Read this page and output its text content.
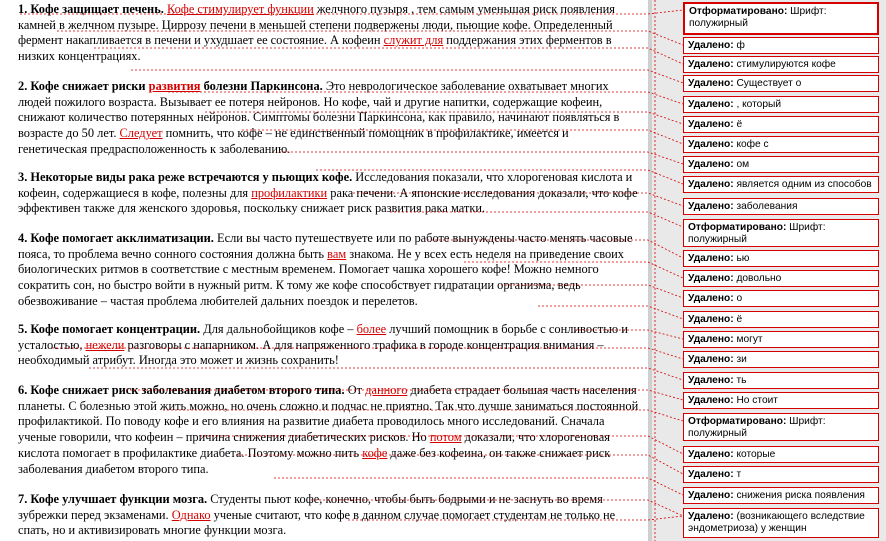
1. Кофе защищает печень. Кофе стимулирует функции желчного пузыря , тем самым уменьшая риск появления камней в желчном пузыре. Циррозу печени в меньшей степени подвержены люди, пьющие кофе. Определенный фермент накапливается в печени и ухудшает ее состояние. А кофеин служит для поддержания этих ферментов в низких концентрациях.
2. Кофе снижает риски развития болезни Паркинсона. Это неврологическое заболевание охватывает многих людей пожилого возраста. Вызывает ее потеря нейронов. Но кофе, чай и другие напитки, содержащие кофеин, снижают количество потерянных нейронов. Симптомы болезни Паркинсона, как правило, начинают появляться в возрасте до 50 лет. Следует помнить, что кофе – не единственный помощник в профилактике, имеется и генетическая предрасположенность к заболеванию.
3. Некоторые виды рака реже встречаются у пьющих кофе. Исследования показали, что хлорогеновая кислота и кофеин, содержащиеся в кофе, полезны для профилактики рака печени. А японские исследования доказали, что кофе эффективен также для женского здоровья, поскольку снижает риск развития рака матки.
4. Кофе помогает акклиматизации. Если вы часто путешествуете или по работе вынуждены часто менять часовые пояса, то проблема вечно сонного состояния должна быть вам знакома. Не у всех есть неделя на приведение своих биологических ритмов в соответствие с местным временем. Помогает чашка хорошего кофе! Можно немного сократить сон, но быстро войти в нужный ритм. К тому же кофе способствует гидратации организма, ведь обезвоживание – частая проблема любителей дальних поездок и перелетов.
5. Кофе помогает концентрации. Для дальнобойщиков кофе – более лучший помощник в борьбе с сонливостью и усталостью, нежели разговоры с напарником. А для напряженного трафика в городе концентрация внимания – необходимый атрибут. Иногда это может и жизнь сохранить!
6. Кофе снижает риск заболевания диабетом второго типа. От данного диабета страдает большая часть населения планеты. С болезнью этой жить можно, но очень сложно и подчас не приятно. Так что лучше заниматься постоянной профилактикой. По поводу кофе и его влияния на развитие диабета проводилось много исследований. Сначала ученые говорили, что кофеин – причина снижения диабетических рисков. Но потом доказали, что хлорогеновая кислота помогает в профилактике диабета. Поэтому можно пить кофе даже без кофеина, он также снижает риск заболевания диабетом второго типа.
7. Кофе улучшает функции мозга. Студенты пьют кофе, конечно, чтобы быть бодрыми и не заснуть во время зубрежки перед экзаменами. Однако ученые считают, что кофе в данном случае помогает студентам не только не спать, но и активизировать многие функции мозга.
Отформатировано: Шрифт: полужирный
Удалено: ф
Удалено: стимулируются кофе
Удалено: Существует о
Удалено: , который
Удалено: ё
Удалено: кофе с
Удалено: ом
Удалено: является одним из способов
Удалено: заболевания
Отформатировано: Шрифт: полужирный
Удалено: ью
Удалено: довольно
Удалено: о
Удалено: ё
Удалено: могут
Удалено: зи
Удалено: ть
Удалено: Но стоит
Отформатировано: Шрифт: полужирный
Удалено: которые
Удалено: т
Удалено: снижения риска появления
Удалено: (возникающего вследствие эндометриоза) у женщин
